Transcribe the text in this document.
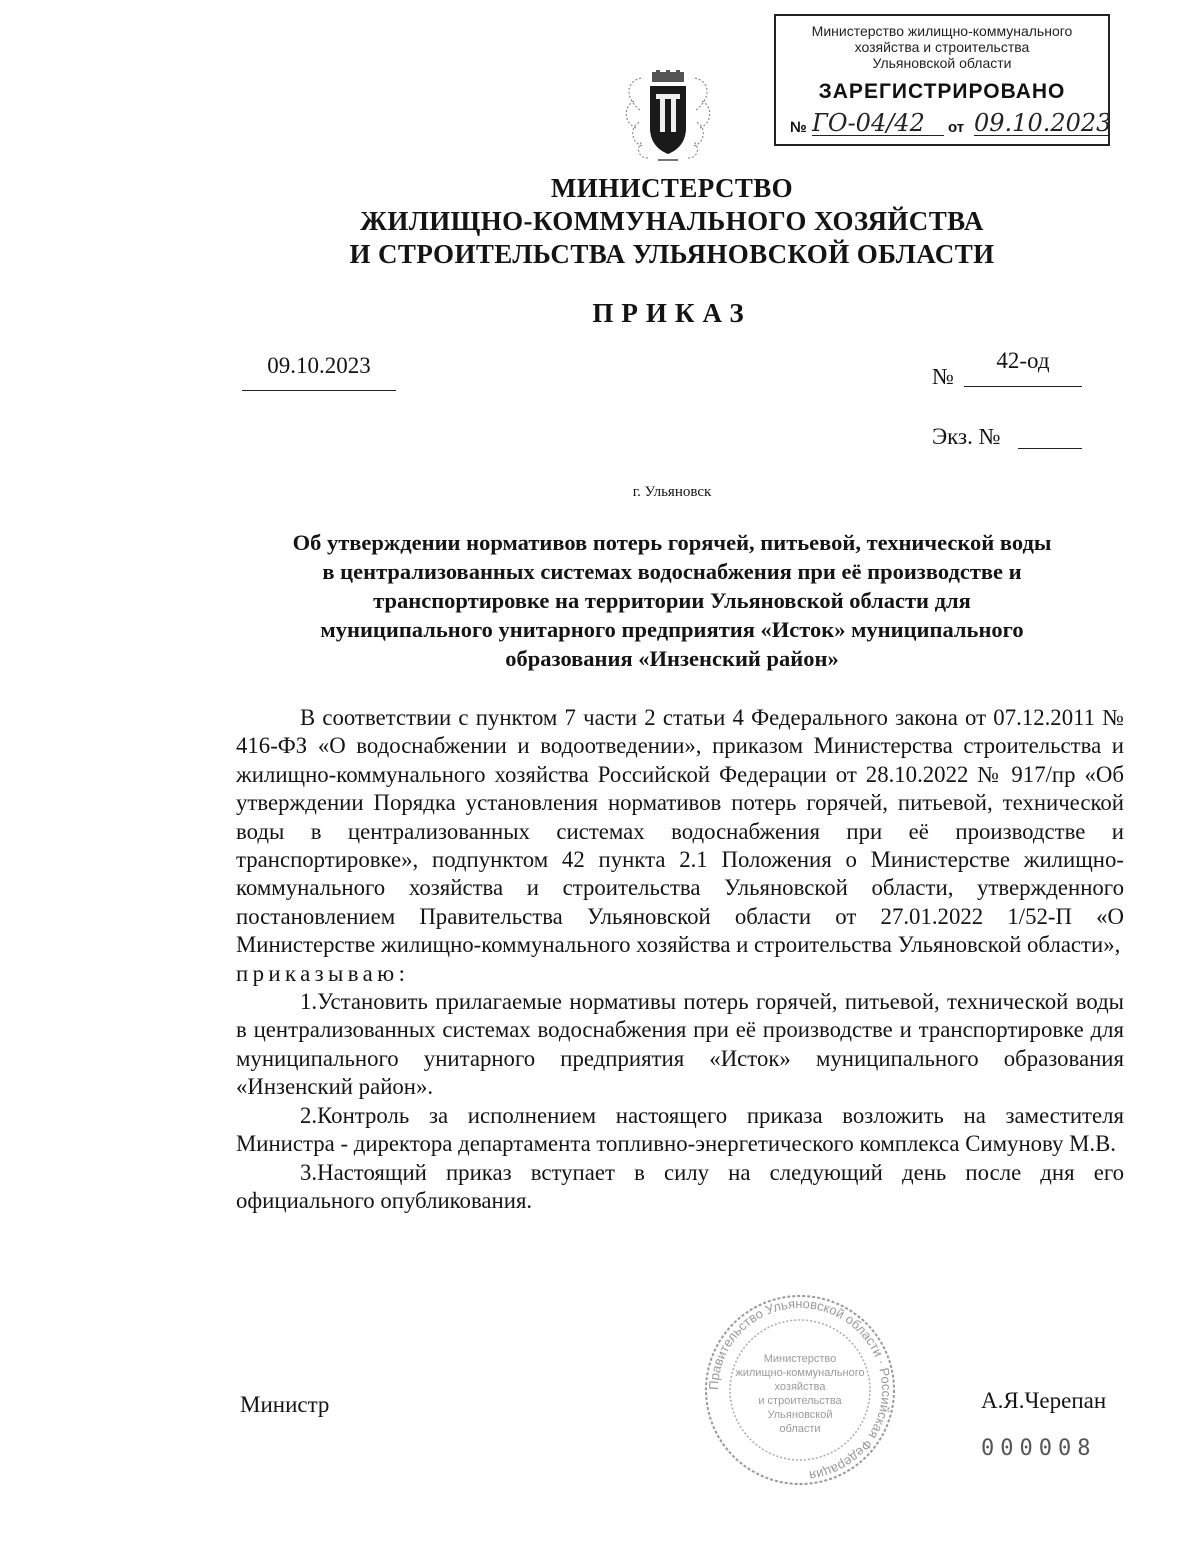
Министерство жилищно-коммунального
хозяйства и строительства
Ульяновской области
ЗАРЕГИСТРИРОВАНО
№ ГО-04/42	от 09.10.2023
МИНИСТЕРСТВО
ЖИЛИЩНО-КОММУНАЛЬНОГО ХОЗЯЙСТВА
И СТРОИТЕЛЬСТВА УЛЬЯНОВСКОЙ ОБЛАСТИ
ПРИКАЗ
09.10.2023	№
42-од
Экз. №
г. Ульяновск
Об утверждении нормативов потерь горячей, питьевой, технической воды
в централизованных системах водоснабжения при её производстве и
транспортировке на территории Ульяновской области для
муниципального унитарного предприятия «Исток» муниципального
образования «Инзенский район»

В соответствии с пунктом 7 части 2 статьи 4 Федерального закона от 07.12.2011 № 416-ФЗ «О водоснабжении и водоотведении», приказом Министерства строительства и жилищно-коммунального хозяйства Российской Федерации от 28.10.2022 № 917/пр «Об утверждении Порядка установления нормативов потерь горячей, питьевой, технической воды в централизованных системах водоснабжения при её производстве и транспортировке», подпунктом 42 пункта 2.1 Положения о Министерстве жилищно-коммунального хозяйства и строительства Ульяновской области, утвержденного постановлением Правительства Ульяновской области от 27.01.2022 1/52-П «О Министерстве жилищно-коммунального хозяйства и строительства Ульяновской области»,

приказываю:

1.Установить прилагаемые нормативы потерь горячей, питьевой, технической воды в централизованных системах водоснабжения при её производстве и транспортировке для муниципального унитарного предприятия «Исток» муниципального образования «Инзенский район».

2.Контроль за исполнением настоящего приказа возложить на заместителя Министра - директора департамента топливно-энергетического комплекса Симунову М.В.

3.Настоящий приказ вступает в силу на следующий день после дня его официального опубликования.

Правительство Ульяновской области · Российская Федерация
Министерство
жилищно-коммунального
хозяйства
и строительства
Ульяновской
области
Министр	А.Я.Черепан
000008
